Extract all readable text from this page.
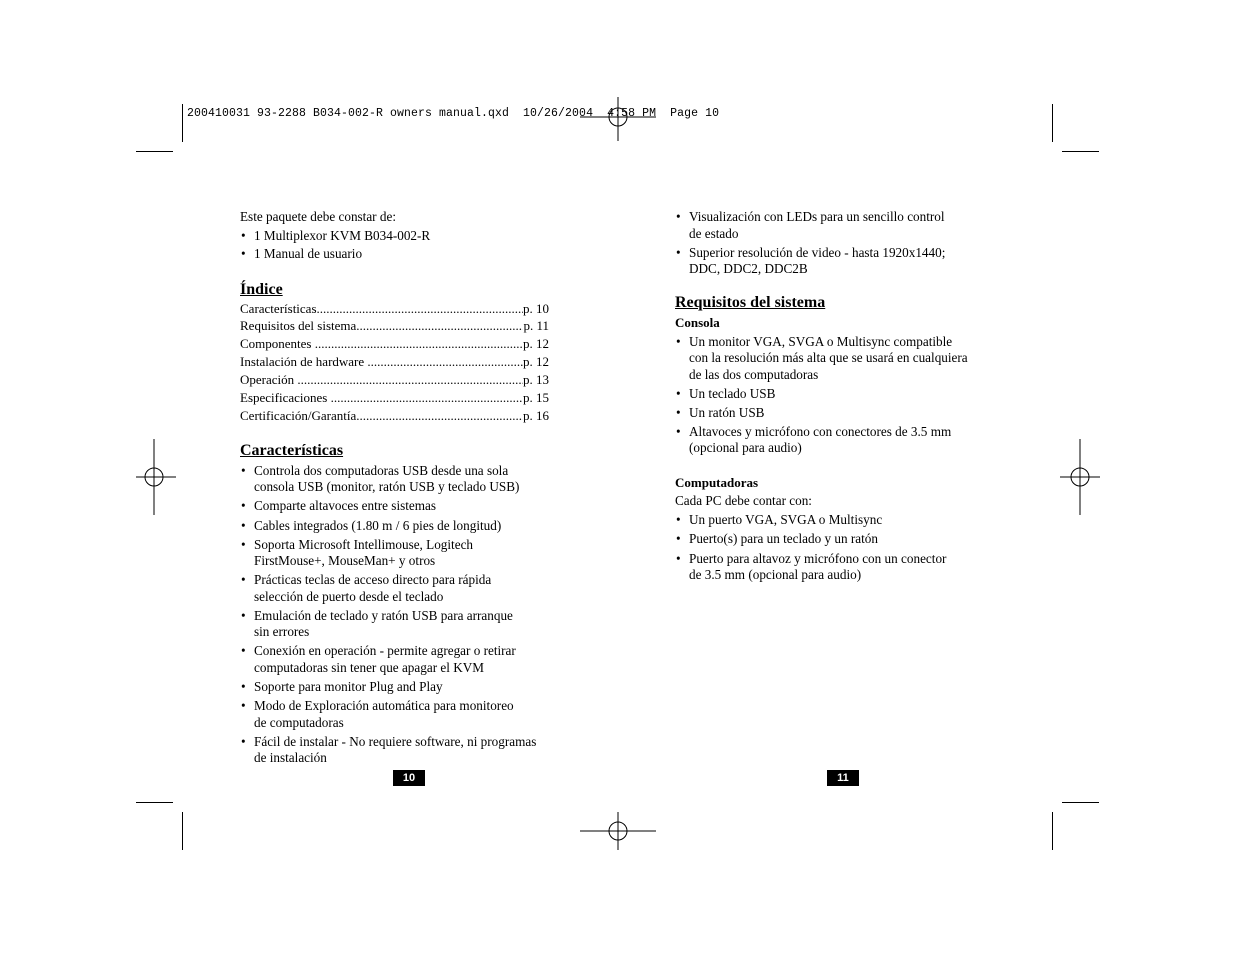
200410031 93-2288 B034-002-R owners manual.qxd  10/26/2004  4:58 PM  Page 10

Este paquete debe constar de:

• 1 Multiplexor KVM B034-002-R
• 1 Manual de usuario
Índice
Características .....	p. 10
Requisitos del sistema .....	p. 11
Componentes .....	p. 12
Instalación de hardware .....	p. 12
Operación .....	p. 13
Especificaciones .....	p. 15
Certificación/Garantía .....	p. 16
Características
• Controla dos computadoras USB desde una sola
consola USB (monitor, ratón USB y teclado USB)
• Comparte altavoces entre sistemas
• Cables integrados (1.80 m / 6 pies de longitud)
• Soporta Microsoft Intellimouse, Logitech
FirstMouse+, MouseMan+ y otros
• Prácticas teclas de acceso directo para rápida
selección de puerto desde el teclado
• Emulación de teclado y ratón USB para arranque
sin errores
• Conexión en operación - permite agregar o retirar
computadoras sin tener que apagar el KVM
• Soporte para monitor Plug and Play
• Modo de Exploración automática para monitoreo
de computadoras
• Fácil de instalar - No requiere software, ni programas
de instalación
10
• Visualización con LEDs para un sencillo control
de estado
• Superior resolución de video - hasta 1920x1440;
DDC, DDC2, DDC2B
Requisitos del sistema
Consola
• Un monitor VGA, SVGA o Multisync compatible
con la resolución más alta que se usará en cualquiera
de las dos computadoras
• Un teclado USB
• Un ratón USB
• Altavoces y micrófono con conectores de 3.5 mm
(opcional para audio)
Computadoras

Cada PC debe contar con:

• Un puerto VGA, SVGA o Multisync
• Puerto(s) para un teclado y un ratón
• Puerto para altavoz y micrófono con un conector
de 3.5 mm (opcional para audio)
11
